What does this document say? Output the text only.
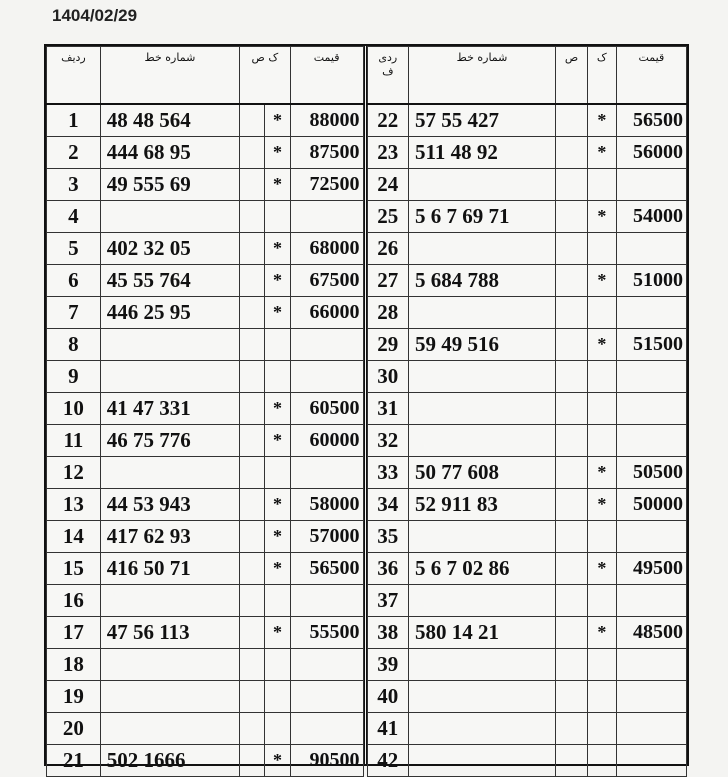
1404/02/29
ردیف	شماره خط	ک ص		قیمت
1	48 48 564		*	88000
2	444 68 95		*	87500
3	49 555 69		*	72500
4				
5	402 32 05		*	68000
6	45 55 764		*	67500
7	446 25 95		*	66000
8				
9				
10	41 47 331		*	60500
11	46 75 776		*	60000
12				
13	44 53 943		*	58000
14	417 62 93		*	57000
15	416 50 71		*	56500
16				
17	47 56 113		*	55500
18				
19				
20				
21	502 1666		*	90500
ردی ف	شماره خط	ص	ک	قیمت
22	57 55 427		*	56500
23	511 48 92		*	56000
24				
25	5 6 7 69 71		*	54000
26				
27	5 684 788		*	51000
28				
29	59 49 516		*	51500
30				
31				
32				
33	50 77 608		*	50500
34	52 911 83		*	50000
35				
36	5 6 7 02 86		*	49500
37				
38	580 14 21		*	48500
39				
40				
41				
42				
